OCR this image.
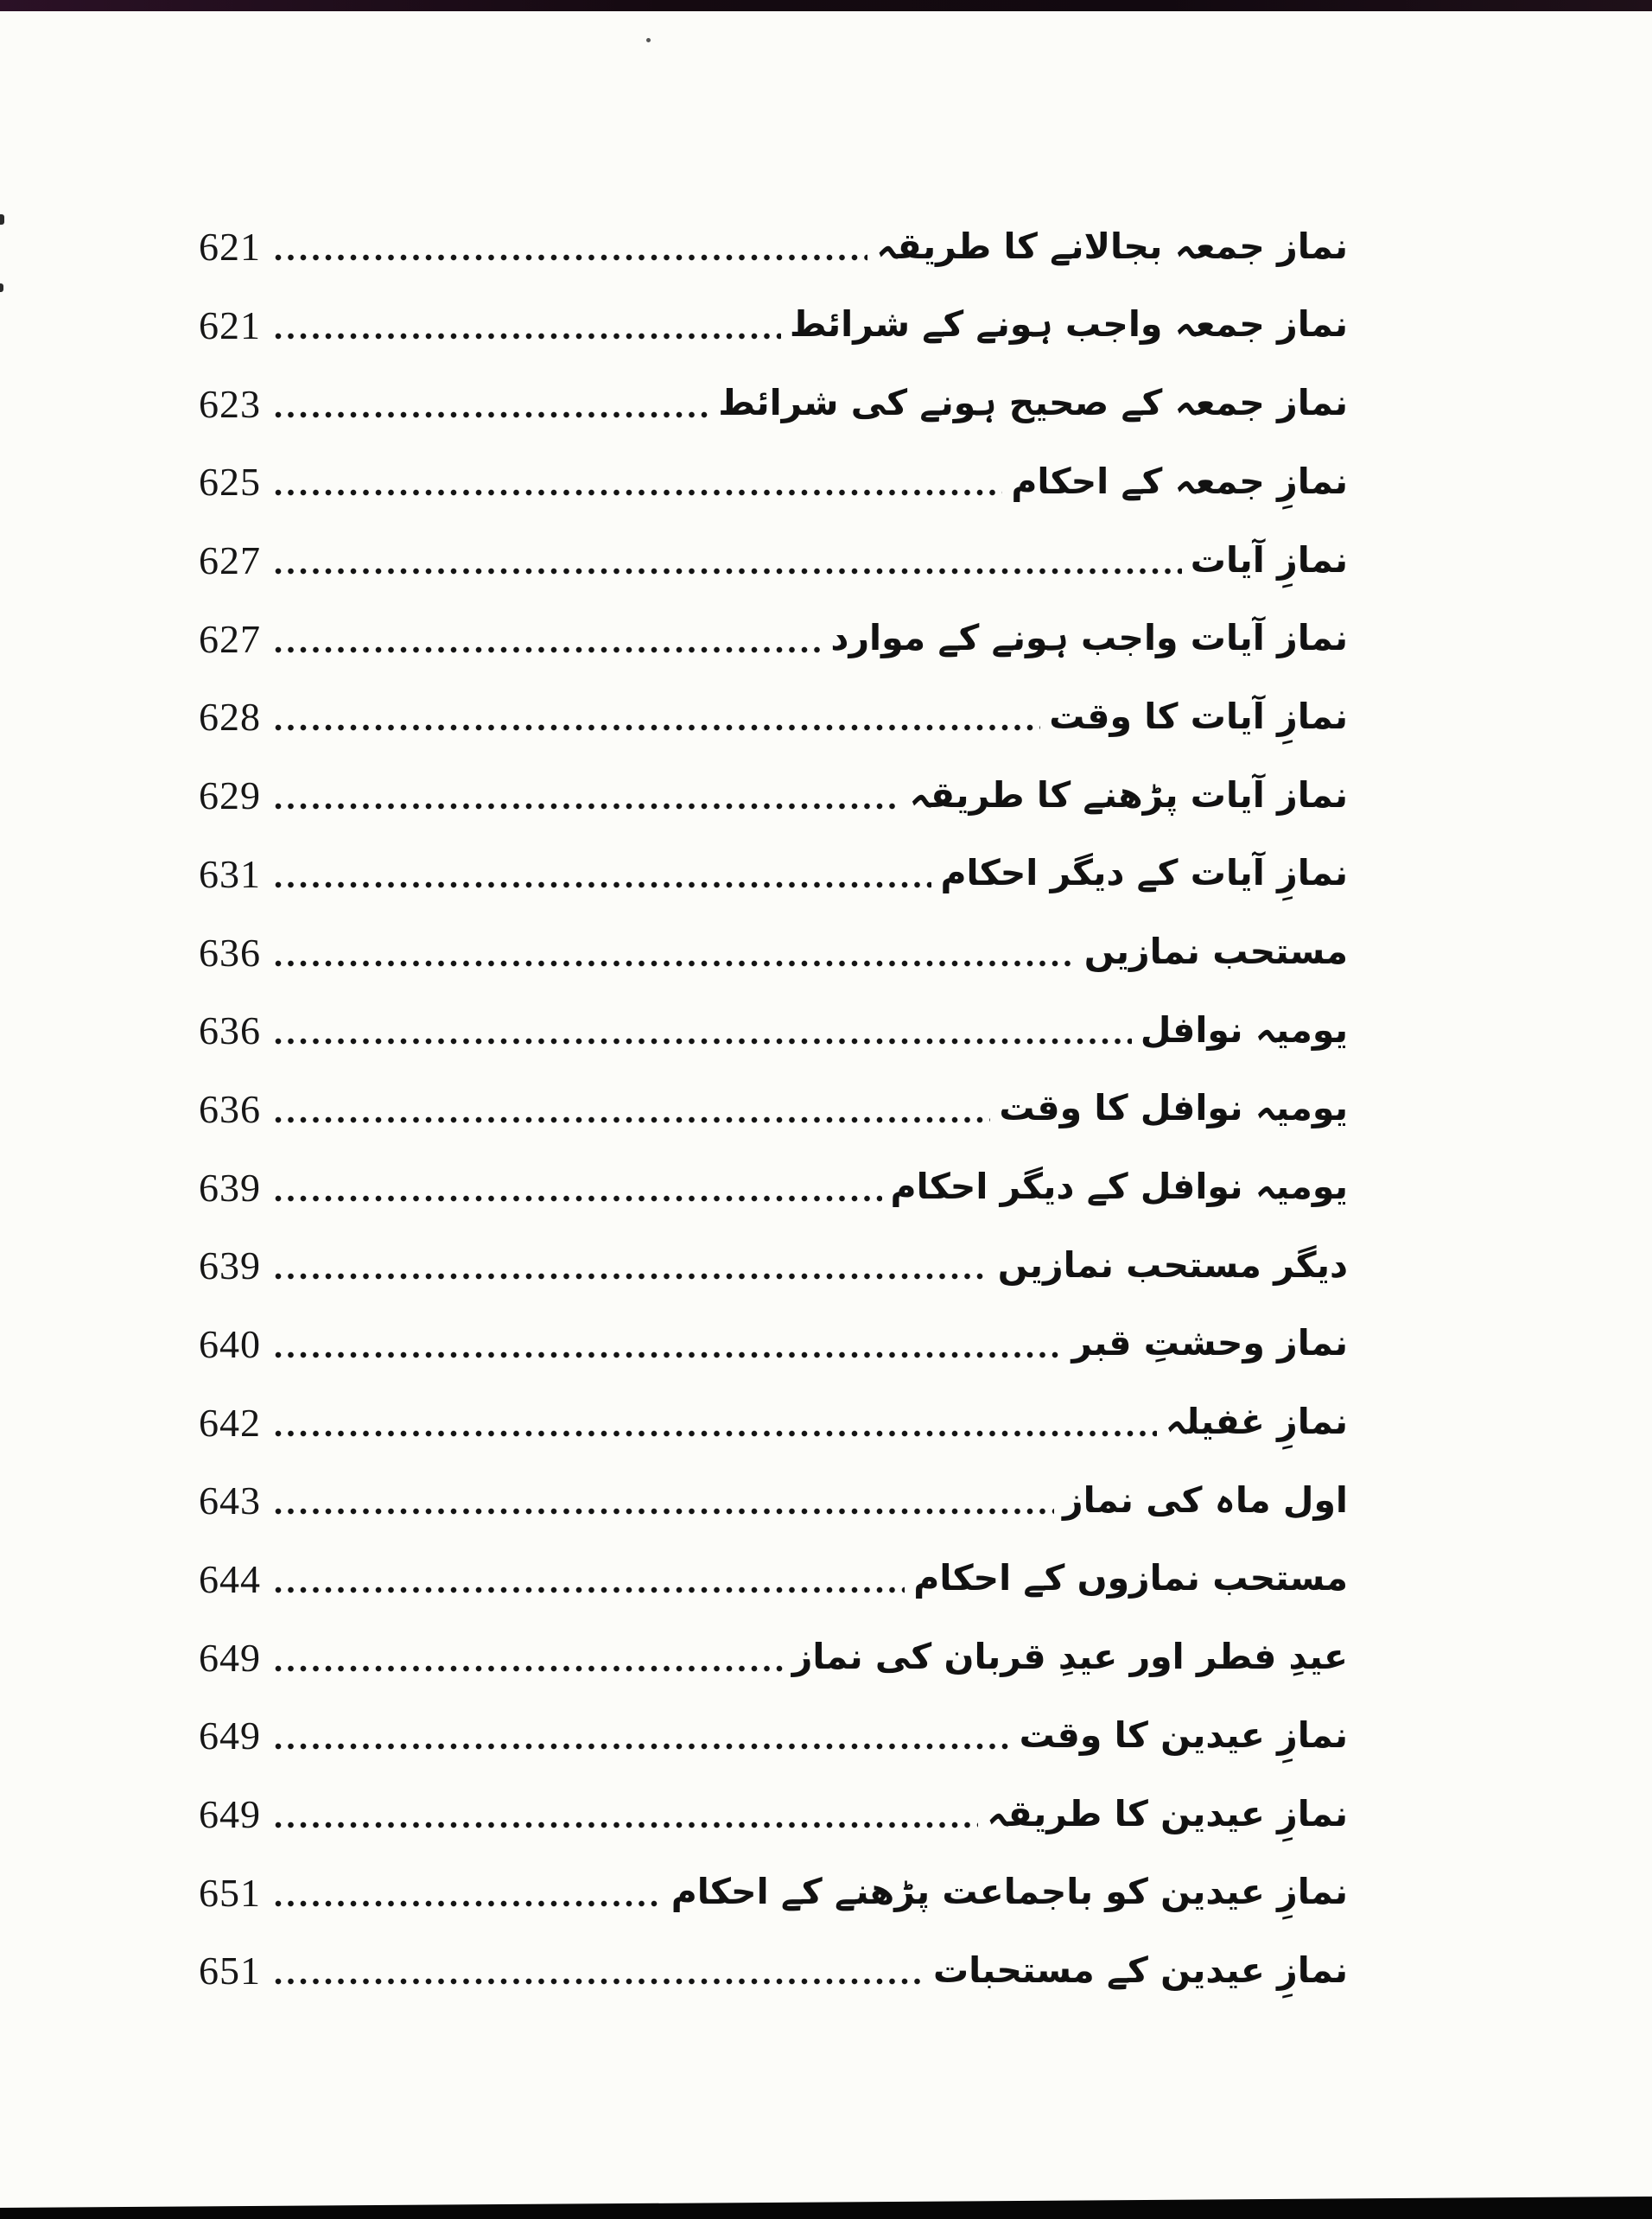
621	نماز جمعہ بجالانے کا طریقہ
621	نماز جمعہ واجب ہونے کے شرائط
623	نماز جمعہ کے صحیح ہونے کی شرائط
625	نمازِ جمعہ کے احکام
627	نمازِ آیات
627	نماز آیات واجب ہونے کے موارد
628	نمازِ آیات کا وقت
629	نماز آیات پڑھنے کا طریقہ
631	نمازِ آیات کے دیگر احکام
636	مستحب نمازیں
636	یومیہ نوافل
636	یومیہ نوافل کا وقت
639	یومیہ نوافل کے دیگر احکام
639	دیگر مستحب نمازیں
640	نماز وحشتِ قبر
642	نمازِ غفیلہ
643	اول ماہ کی نماز
644	مستحب نمازوں کے احکام
649	عیدِ فطر اور عیدِ قربان کی نماز
649	نمازِ عیدین کا وقت
649	نمازِ عیدین کا طریقہ
651	نمازِ عیدین کو باجماعت پڑھنے کے احکام
651	نمازِ عیدین کے مستحبات
